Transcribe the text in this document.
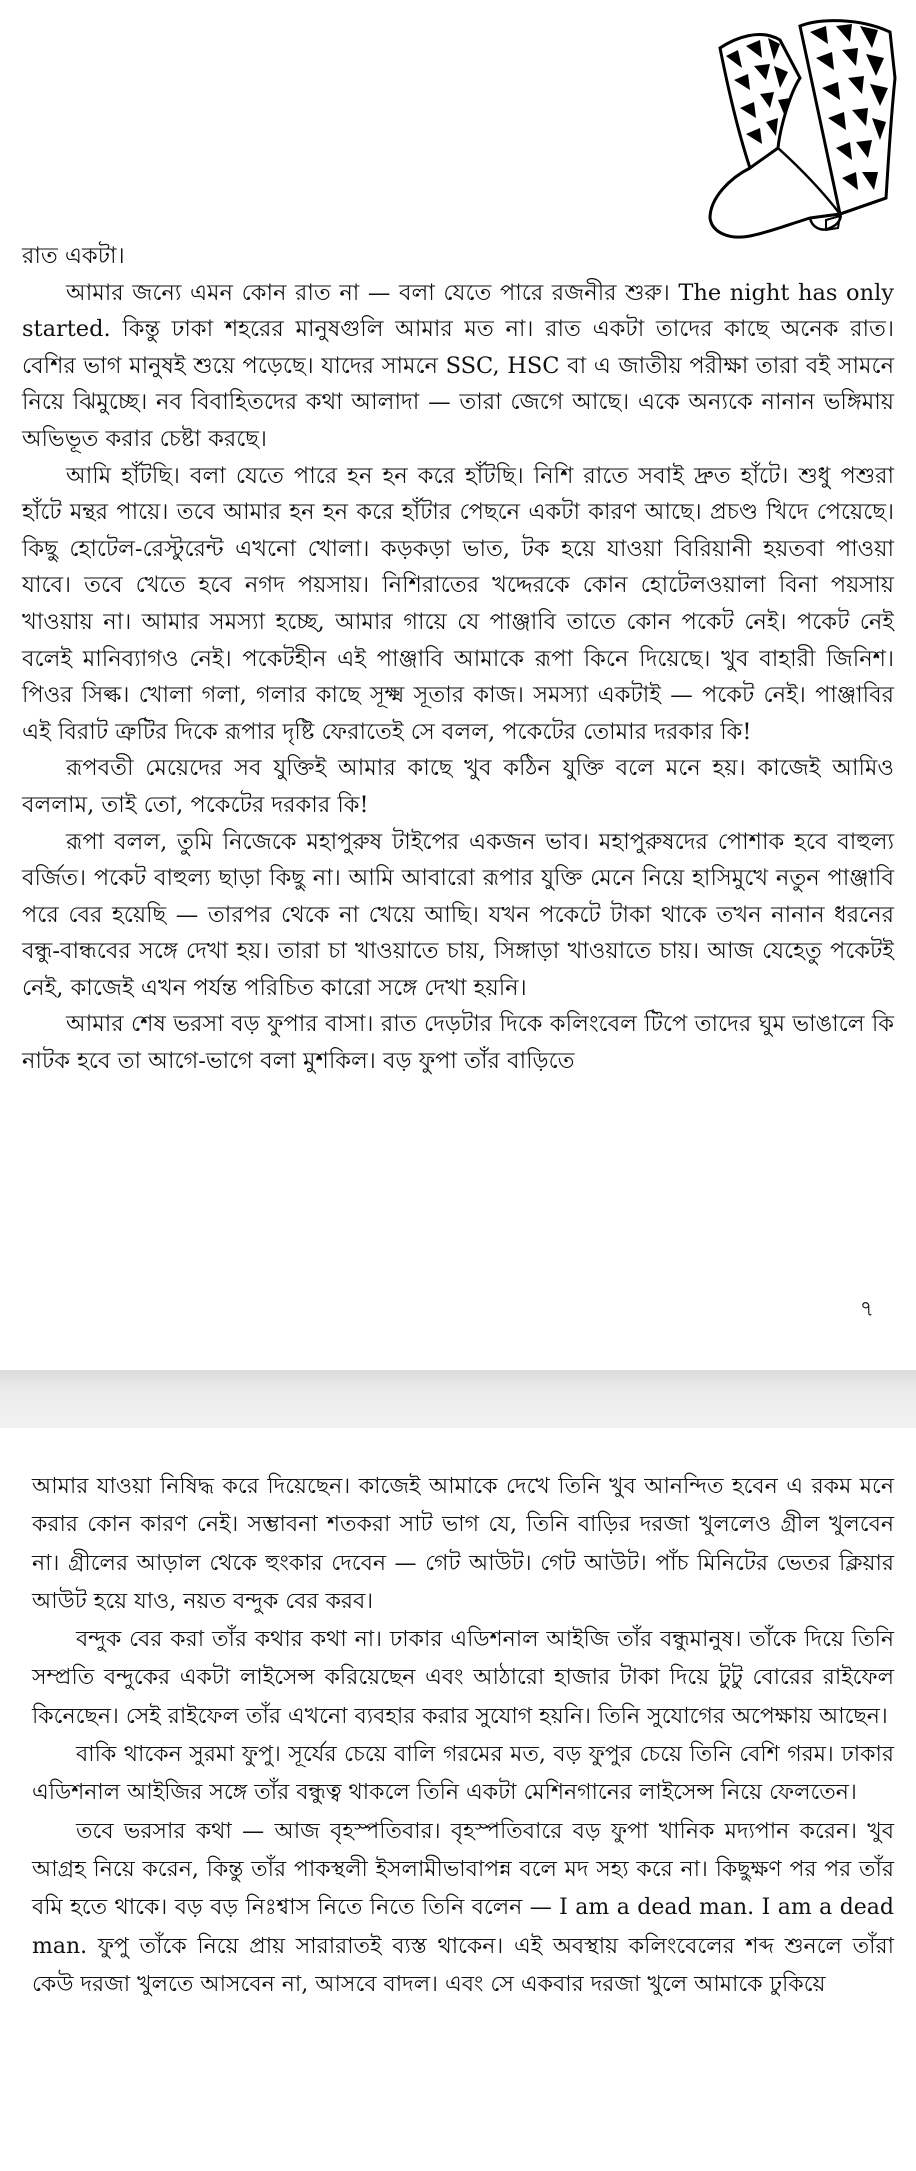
রাত একটা।

আমার জন্যে এমন কোন রাত না — বলা যেতে পারে রজনীর শুরু। The night has only started. কিন্তু ঢাকা শহরের মানুষগুলি আমার মত না। রাত একটা তাদের কাছে অনেক রাত। বেশির ভাগ মানুষই শুয়ে পড়েছে। যাদের সামনে SSC, HSC বা এ জাতীয় পরীক্ষা তারা বই সামনে নিয়ে ঝিমুচ্ছে। নব বিবাহিতদের কথা আলাদা — তারা জেগে আছে। একে অন্যকে নানান ভঙ্গিমায় অভিভূত করার চেষ্টা করছে।

আমি হাঁটছি। বলা যেতে পারে হন হন করে হাঁটছি। নিশি রাতে সবাই দ্রুত হাঁটে। শুধু পশুরা হাঁটে মন্থর পায়ে। তবে আমার হন হন করে হাঁটার পেছনে একটা কারণ আছে। প্রচণ্ড খিদে পেয়েছে। কিছু হোটেল-রেস্টুরেন্ট এখনো খোলা। কড়কড়া ভাত, টক হয়ে যাওয়া বিরিয়ানী হয়তবা পাওয়া যাবে। তবে খেতে হবে নগদ পয়সায়। নিশিরাতের খদ্দেরকে কোন হোটেলওয়ালা বিনা পয়সায় খাওয়ায় না। আমার সমস্যা হচ্ছে, আমার গায়ে যে পাঞ্জাবি তাতে কোন পকেট নেই। পকেট নেই বলেই মানিব্যাগও নেই। পকেটহীন এই পাঞ্জাবি আমাকে রূপা কিনে দিয়েছে। খুব বাহারী জিনিশ। পিওর সিল্ক। খোলা গলা, গলার কাছে সূক্ষ্ম সূতার কাজ। সমস্যা একটাই — পকেট নেই। পাঞ্জাবির এই বিরাট ত্রুটির দিকে রূপার দৃষ্টি ফেরাতেই সে বলল, পকেটের তোমার দরকার কি!

রূপবতী মেয়েদের সব যুক্তিই আমার কাছে খুব কঠিন যুক্তি বলে মনে হয়। কাজেই আমিও বললাম, তাই তো, পকেটের দরকার কি!

রূপা বলল, তুমি নিজেকে মহাপুরুষ টাইপের একজন ভাব। মহাপুরুষদের পোশাক হবে বাহুল্য বর্জিত। পকেট বাহুল্য ছাড়া কিছু না। আমি আবারো রূপার যুক্তি মেনে নিয়ে হাসিমুখে নতুন পাঞ্জাবি পরে বের হয়েছি — তারপর থেকে না খেয়ে আছি। যখন পকেটে টাকা থাকে তখন নানান ধরনের বন্ধু-বান্ধবের সঙ্গে দেখা হয়। তারা চা খাওয়াতে চায়, সিঙ্গাড়া খাওয়াতে চায়। আজ যেহেতু পকেটই নেই, কাজেই এখন পর্যন্ত পরিচিত কারো সঙ্গে দেখা হয়নি।

আমার শেষ ভরসা বড় ফুপার বাসা। রাত দেড়টার দিকে কলিংবেল টিপে তাদের ঘুম ভাঙালে কি নাটক হবে তা আগে-ভাগে বলা মুশকিল। বড় ফুপা তাঁর বাড়িতে

৭

আমার যাওয়া নিষিদ্ধ করে দিয়েছেন। কাজেই আমাকে দেখে তিনি খুব আনন্দিত হবেন এ রকম মনে করার কোন কারণ নেই। সম্ভাবনা শতকরা সাট ভাগ যে, তিনি বাড়ির দরজা খুললেও গ্রীল খুলবেন না। গ্রীলের আড়াল থেকে হুংকার দেবেন — গেট আউট। গেট আউট। পাঁচ মিনিটের ভেতর ক্লিয়ার আউট হয়ে যাও, নয়ত বন্দুক বের করব।

বন্দুক বের করা তাঁর কথার কথা না। ঢাকার এডিশনাল আইজি তাঁর বন্ধুমানুষ। তাঁকে দিয়ে তিনি সম্প্রতি বন্দুকের একটা লাইসেন্স করিয়েছেন এবং আঠারো হাজার টাকা দিয়ে টুটু বোরের রাইফেল কিনেছেন। সেই রাইফেল তাঁর এখনো ব্যবহার করার সুযোগ হয়নি। তিনি সুযোগের অপেক্ষায় আছেন।

বাকি থাকেন সুরমা ফুপু। সূর্যের চেয়ে বালি গরমের মত, বড় ফুপুর চেয়ে তিনি বেশি গরম। ঢাকার এডিশনাল আইজির সঙ্গে তাঁর বন্ধুত্ব থাকলে তিনি একটা মেশিনগানের লাইসেন্স নিয়ে ফেলতেন।

তবে ভরসার কথা — আজ বৃহস্পতিবার। বৃহস্পতিবারে বড় ফুপা খানিক মদ্যপান করেন। খুব আগ্রহ নিয়ে করেন, কিন্তু তাঁর পাকস্থলী ইসলামীভাবাপন্ন বলে মদ সহ্য করে না। কিছুক্ষণ পর পর তাঁর বমি হতে থাকে। বড় বড় নিঃশ্বাস নিতে নিতে তিনি বলেন — I am a dead man. I am a dead man. ফুপু তাঁকে নিয়ে প্রায় সারারাতই ব্যস্ত থাকেন। এই অবস্থায় কলিংবেলের শব্দ শুনলে তাঁরা কেউ দরজা খুলতে আসবেন না, আসবে বাদল। এবং সে একবার দরজা খুলে আমাকে ঢুকিয়ে
